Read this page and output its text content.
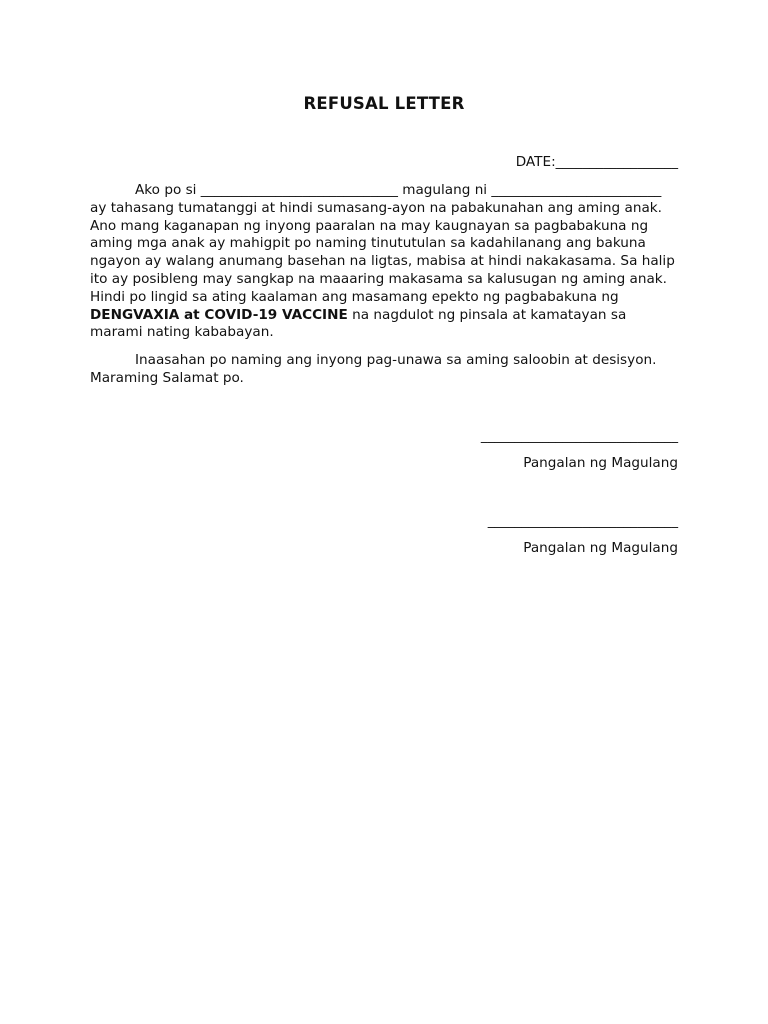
REFUSAL LETTER
DATE:__________________

Ako po si _____________________________ magulang ni _________________________ ay tahasang tumatanggi at hindi sumasang-ayon na pabakunahan ang aming anak. Ano mang kaganapan ng inyong paaralan na may kaugnayan sa pagbabakuna ng aming mga anak ay mahigpit po naming tinututulan sa kadahilanang ang bakuna ngayon ay walang anumang basehan na ligtas, mabisa at hindi nakakasama. Sa halip ito ay posibleng may sangkap na maaaring makasama sa kalusugan ng aming anak. Hindi po lingid sa ating kaalaman ang masamang epekto ng pagbabakuna ng DENGVAXIA at COVID-19 VACCINE na nagdulot ng pinsala at kamatayan sa marami nating kababayan.

Inaasahan po naming ang inyong pag-unawa sa aming saloobin at desisyon. Maraming Salamat po.

_____________________________
Pangalan ng Magulang
____________________________
Pangalan ng Magulang
